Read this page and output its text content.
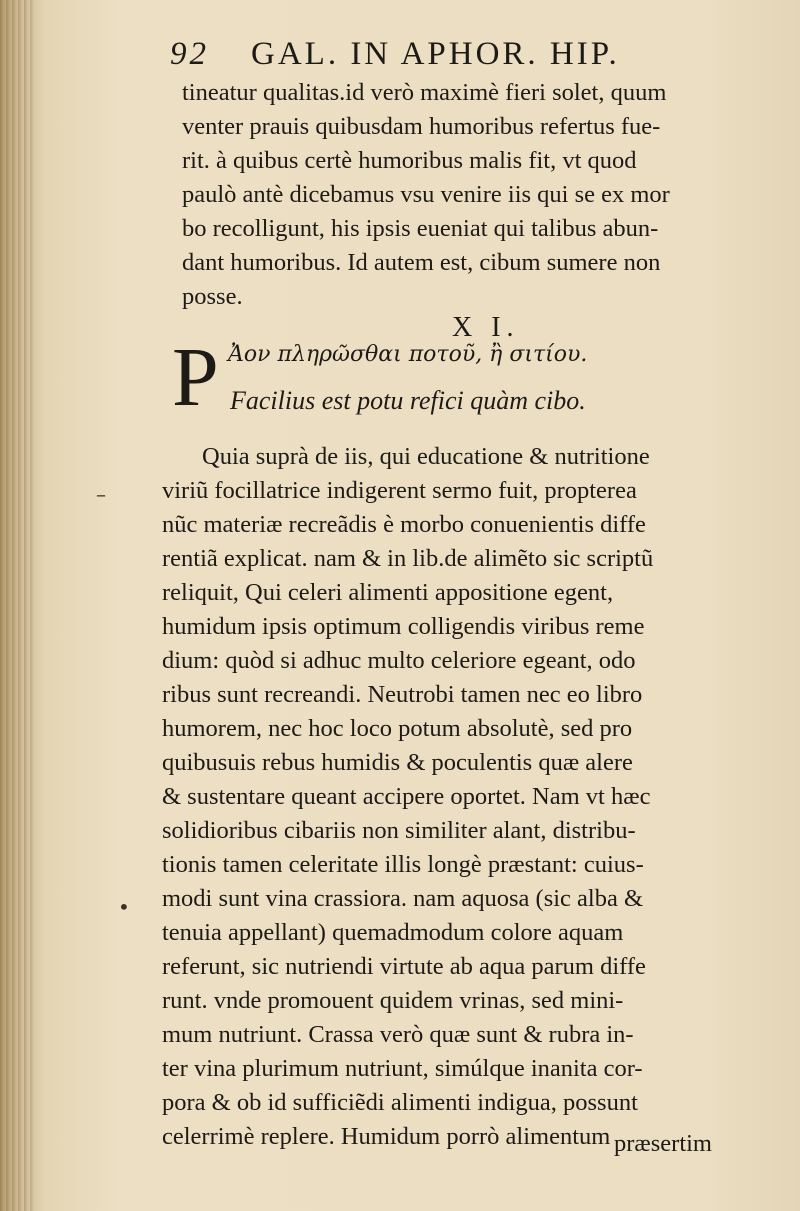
92 GAL. IN APHOR. HIP.
tineatur qualitas.id verò maximè fieri solet, quum
venter prauis quibusdam humoribus refertus fue-
rit. à quibus certè humoribus malis fit, vt quod
paulò antè dicebamus vsu venire iis qui se ex mor
bo recolligunt, his ipsis eueniat qui talibus abun-
dant humoribus. Id autem est, cibum sumere non
posse.
X I.
P Ἀον πληρῶσθαι ποτοῦ, ἢ σιτίου.
Facilius est potu refici quàm cibo.
Quia suprà de iis, qui educatione & nutritione
viriũ focillatrice indigerent sermo fuit, propterea
nũc materiæ recreãdis è morbo conuenientis diffe
rentiã explicat. nam & in lib.de alimẽto sic scriptũ
reliquit, Qui celeri alimenti appositione egent,
humidum ipsis optimum colligendis viribus reme
dium: quòd si adhuc multo celeriore egeant, odo
ribus sunt recreandi. Neutrobi tamen nec eo libro
humorem, nec hoc loco potum absolutè, sed pro
quibusuis rebus humidis & poculentis quæ alere
& sustentare queant accipere oportet. Nam vt hæc
solidioribus cibariis non similiter alant, distribu-
tionis tamen celeritate illis longè præstant: cuius-
modi sunt vina crassiora. nam aquosa (sic alba &
tenuia appellant) quemadmodum colore aquam
referunt, sic nutriendi virtute ab aqua parum diffe
runt. vnde promouent quidem vrinas, sed mini-
mum nutriunt. Crassa verò quæ sunt & rubra in-
ter vina plurimum nutriunt, simúlque inanita cor-
pora & ob id sufficiẽdi alimenti indigua, possunt
celerrimè replere. Humidum porrò alimentum præsertim
•
–
